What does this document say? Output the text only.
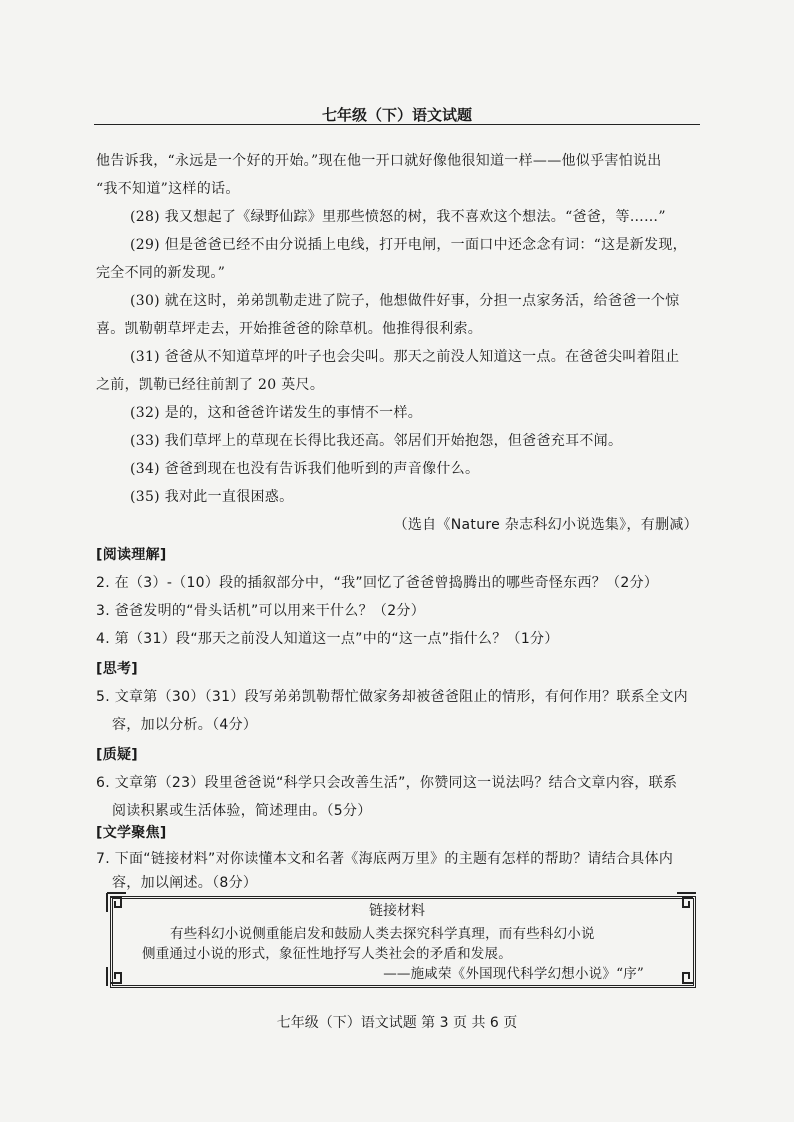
七年级（下）语文试题
他告诉我，“永远是一个好的开始。”现在他一开口就好像他很知道一样——他似乎害怕说出
“我不知道”这样的话。
(28) 我又想起了《绿野仙踪》里那些愤怒的树，我不喜欢这个想法。“爸爸，等……”
(29) 但是爸爸已经不由分说插上电线，打开电闸，一面口中还念念有词：“这是新发现，
完全不同的新发现。”
(30) 就在这时，弟弟凯勒走进了院子，他想做件好事，分担一点家务活，给爸爸一个惊
喜。凯勒朝草坪走去，开始推爸爸的除草机。他推得很利索。
(31) 爸爸从不知道草坪的叶子也会尖叫。那天之前没人知道这一点。在爸爸尖叫着阻止
之前，凯勒已经往前割了 20 英尺。
(32) 是的，这和爸爸许诺发生的事情不一样。
(33) 我们草坪上的草现在长得比我还高。邻居们开始抱怨，但爸爸充耳不闻。
(34) 爸爸到现在也没有告诉我们他听到的声音像什么。
(35) 我对此一直很困惑。
（选自《Nature 杂志科幻小说选集》，有删减）
[阅读理解]
2. 在（3）-（10）段的插叙部分中，“我”回忆了爸爸曾捣腾出的哪些奇怪东西？（2分）
3. 爸爸发明的“骨头话机”可以用来干什么？（2分）
4. 第（31）段“那天之前没人知道这一点”中的“这一点”指什么？（1分）
[思考]
5. 文章第（30）（31）段写弟弟凯勒帮忙做家务却被爸爸阻止的情形，有何作用？联系全文内
容，加以分析。（4分）
[质疑]
6. 文章第（23）段里爸爸说“科学只会改善生活”，你赞同这一说法吗？结合文章内容，联系
阅读积累或生活体验，简述理由。（5分）
[文学聚焦]
7. 下面“链接材料”对你读懂本文和名著《海底两万里》的主题有怎样的帮助？请结合具体内
链接材料
有些科幻小说侧重能启发和鼓励人类去探究科学真理，而有些科幻小说
侧重通过小说的形式，象征性地抒写人类社会的矛盾和发展。
——施咸荣《外国现代科学幻想小说》“序”
七年级（下）语文试题 第 3 页 共 6 页
容，加以阐述。（8分）
